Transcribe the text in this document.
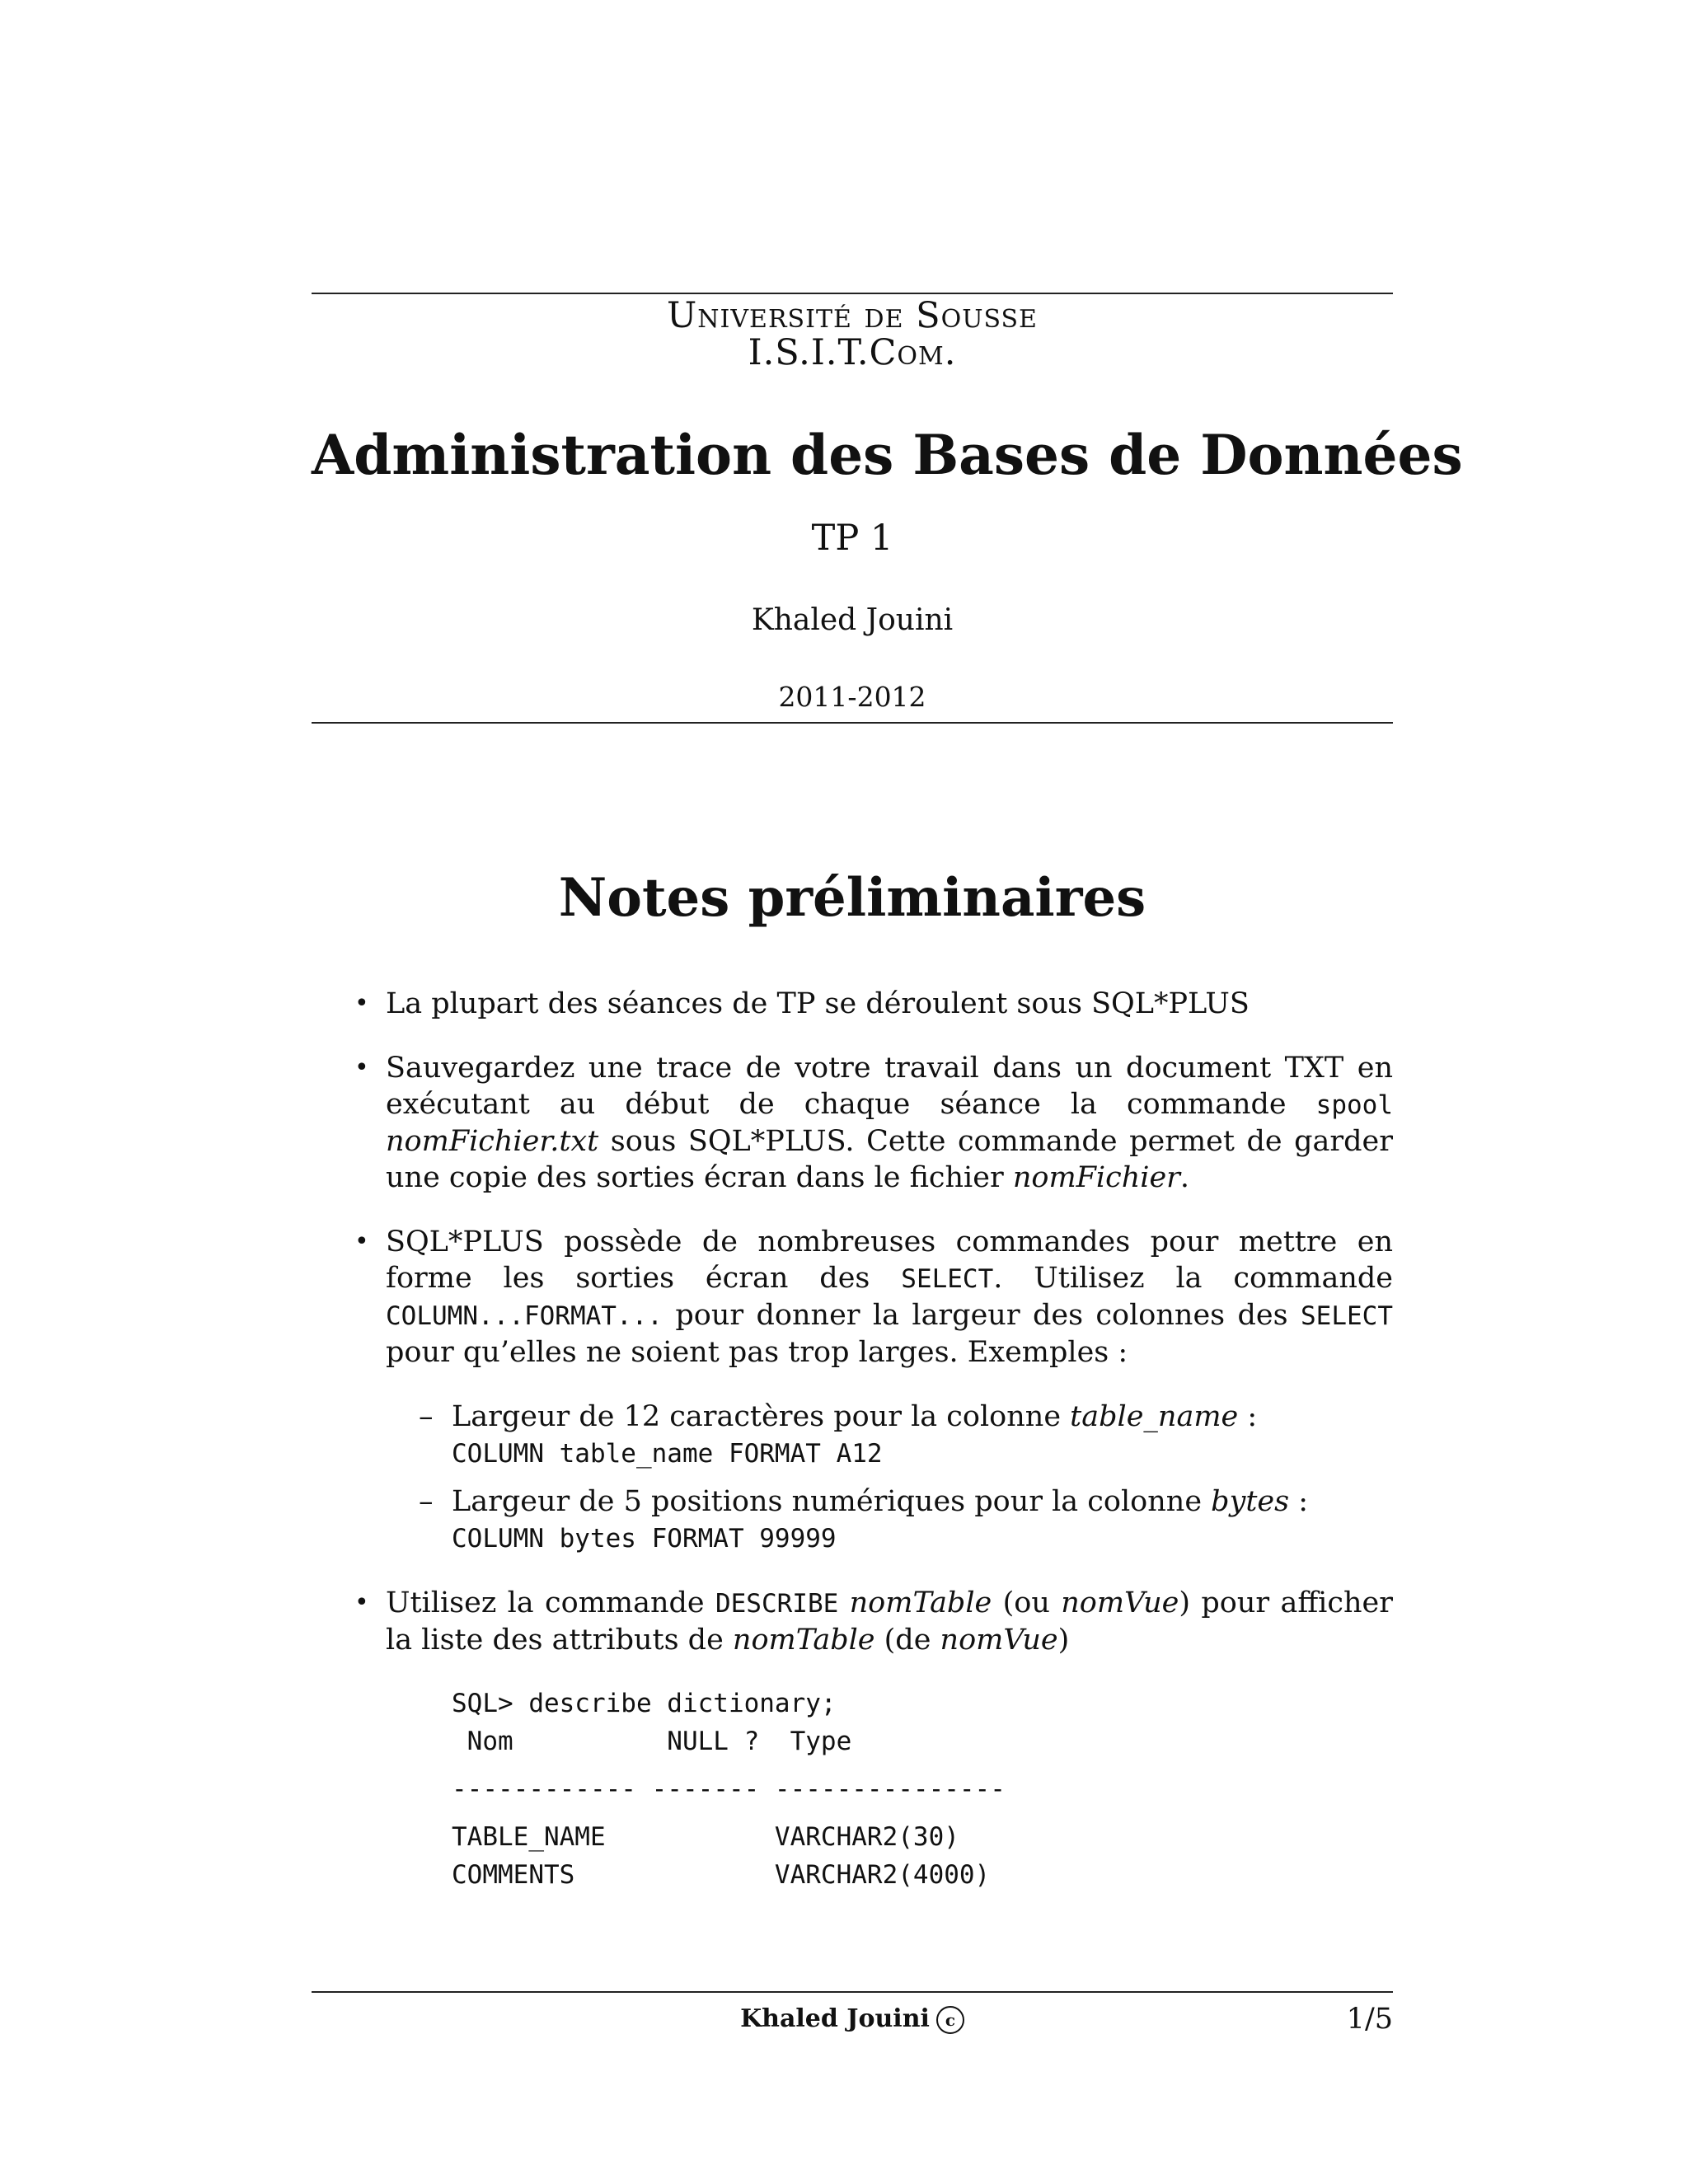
Université de Sousse
I.S.I.T.Com.
Administration des Bases de Données
TP 1
Khaled Jouini
2011-2012
Notes préliminaires
• La plupart des séances de TP se déroulent sous SQL*PLUS
• Sauvegardez une trace de votre travail dans un document TXT en exécutant au début de chaque séance la commande spool nomFichier.txt sous SQL*PLUS. Cette commande permet de garder une copie des sorties écran dans le fichier nomFichier.
• SQL*PLUS possède de nombreuses commandes pour mettre en forme les sorties écran des SELECT. Utilisez la commande COLUMN...FORMAT... pour donner la largeur des colonnes des SELECT pour qu’elles ne soient pas trop larges. Exemples :
– Largeur de 12 caractères pour la colonne table_name :
COLUMN table_name FORMAT A12
– Largeur de 5 positions numériques pour la colonne bytes :
COLUMN bytes FORMAT 99999
• Utilisez la commande DESCRIBE nomTable (ou nomVue) pour afficher la liste des attributs de nomTable (de nomVue)
SQL> describe dictionary;
Nom          NULL ?  Type
------------ ------- ---------------
TABLE_NAME           VARCHAR2(30)
COMMENTS             VARCHAR2(4000)
Khaled Jouini c	1/5
